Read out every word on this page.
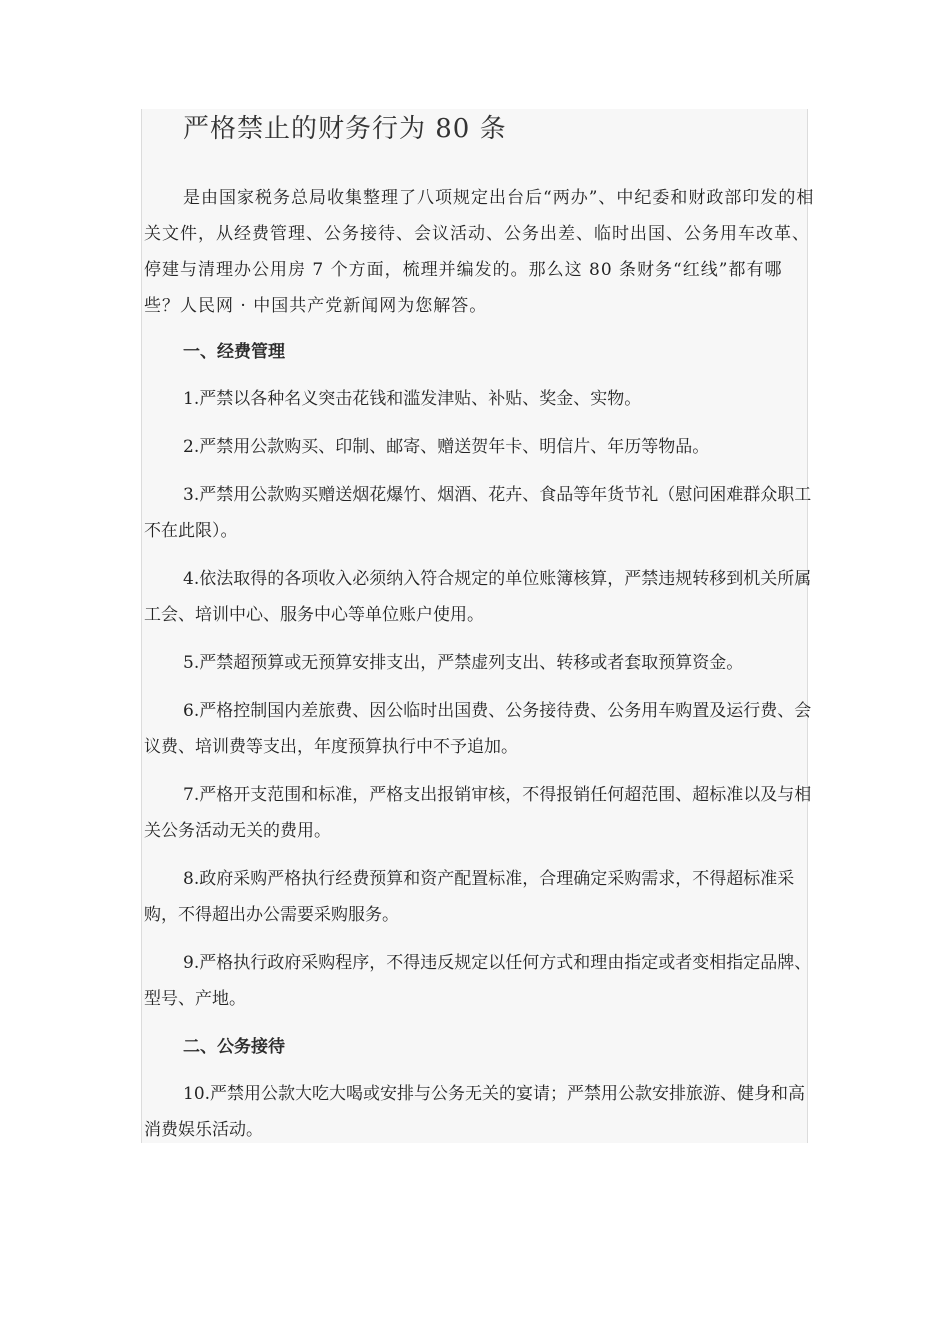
严格禁止的财务行为 80 条

是由国家税务总局收集整理了八项规定出台后“两办”、中纪委和财政部印发的相关文件，从经费管理、公务接待、会议活动、公务出差、临时出国、公务用车改革、停建与清理办公用房 7 个方面，梳理并编发的。那么这 80 条财务“红线”都有哪些？人民网 · 中国共产党新闻网为您解答。

一、经费管理

1.严禁以各种名义突击花钱和滥发津贴、补贴、奖金、实物。

2.严禁用公款购买、印制、邮寄、赠送贺年卡、明信片、年历等物品。

3.严禁用公款购买赠送烟花爆竹、烟酒、花卉、食品等年货节礼（慰问困难群众职工不在此限）。

4.依法取得的各项收入必须纳入符合规定的单位账簿核算，严禁违规转移到机关所属工会、培训中心、服务中心等单位账户使用。

5.严禁超预算或无预算安排支出，严禁虚列支出、转移或者套取预算资金。

6.严格控制国内差旅费、因公临时出国费、公务接待费、公务用车购置及运行费、会议费、培训费等支出，年度预算执行中不予追加。

7.严格开支范围和标准，严格支出报销审核，不得报销任何超范围、超标准以及与相关公务活动无关的费用。

8.政府采购严格执行经费预算和资产配置标准，合理确定采购需求，不得超标准采购，不得超出办公需要采购服务。

9.严格执行政府采购程序，不得违反规定以任何方式和理由指定或者变相指定品牌、型号、产地。

二、公务接待

10.严禁用公款大吃大喝或安排与公务无关的宴请；严禁用公款安排旅游、健身和高消费娱乐活动。
